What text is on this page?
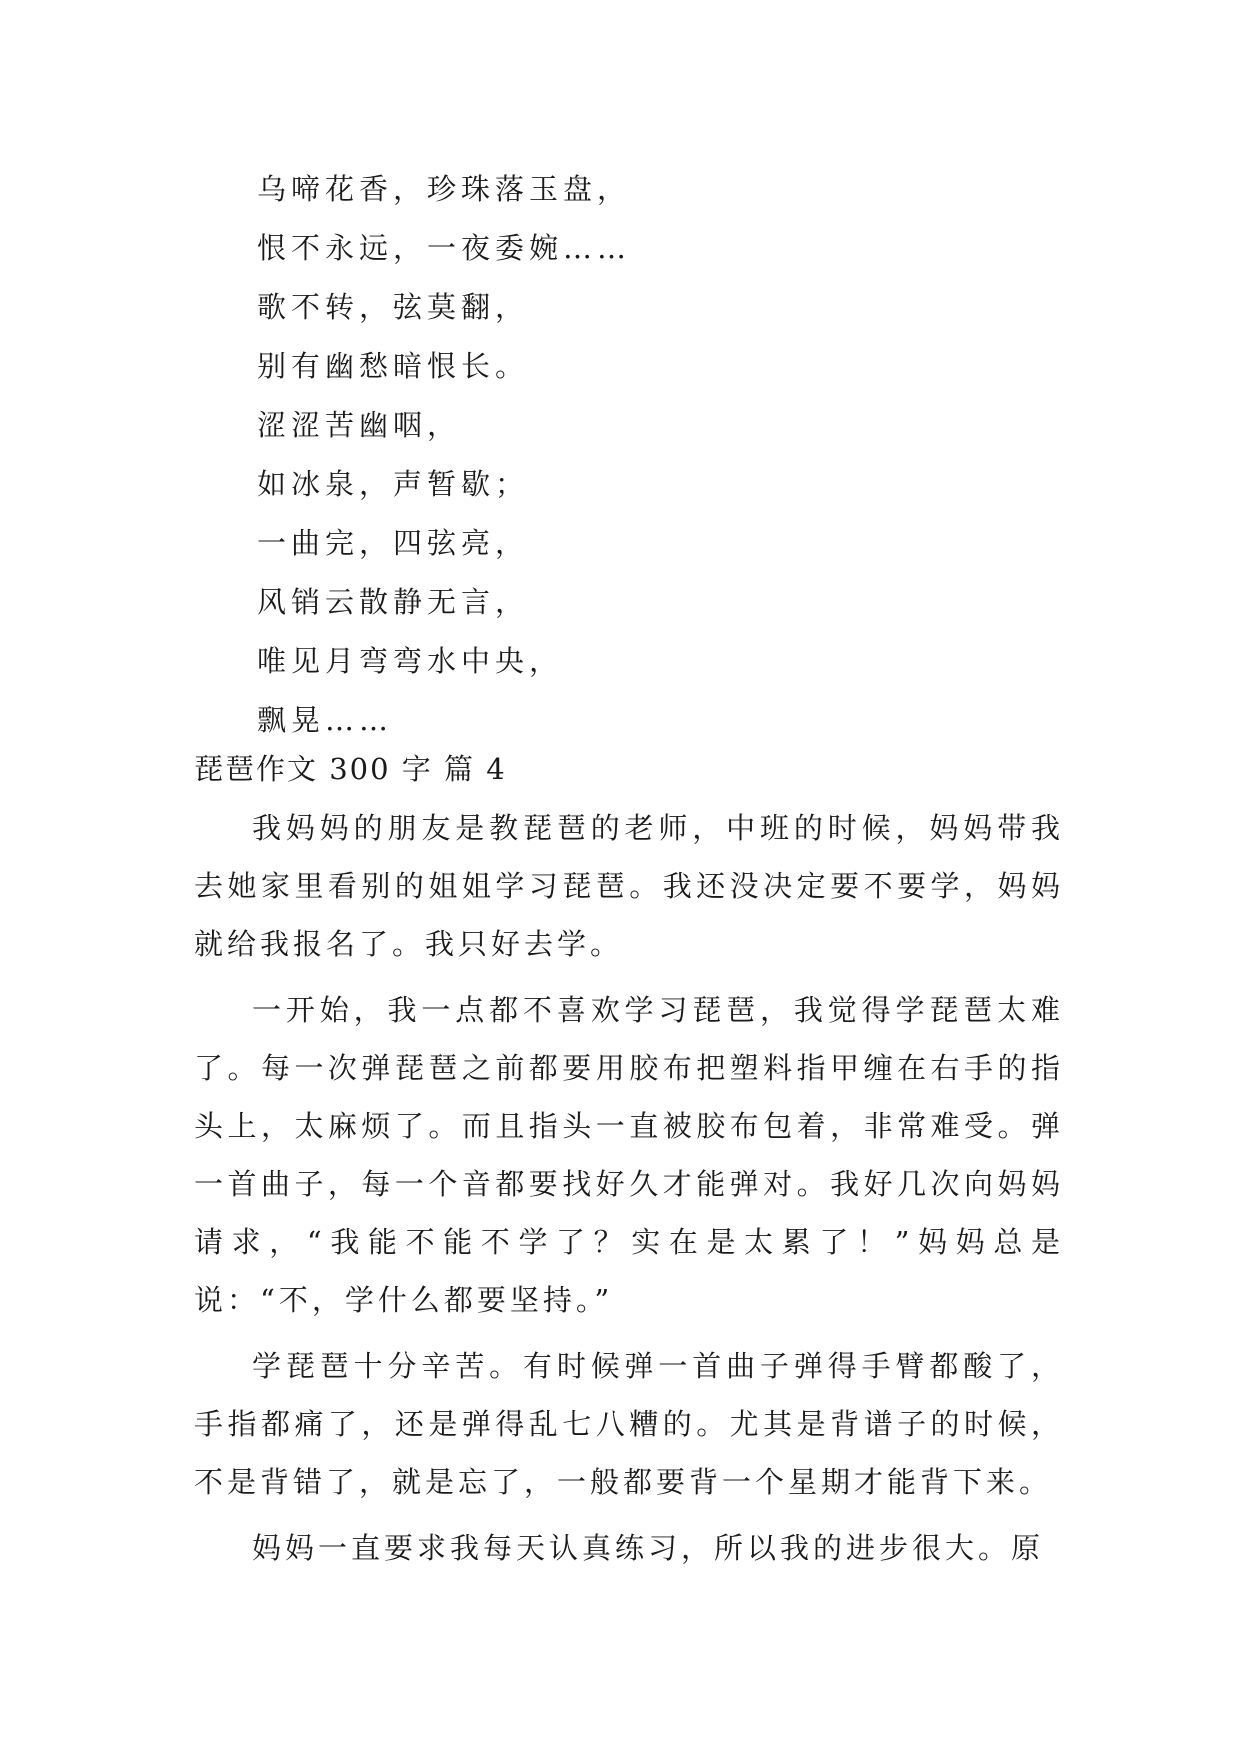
乌啼花香，珍珠落玉盘，
恨不永远，一夜委婉……
歌不转，弦莫翻，
别有幽愁暗恨长。
涩涩苦幽咽，
如冰泉，声暂歇；
一曲完，四弦亮，
风销云散静无言，
唯见月弯弯水中央，
飘晃……
琵琶作文 300 字 篇 4

我妈妈的朋友是教琵琶的老师，中班的时候，妈妈带我去她家里看别的姐姐学习琵琶。我还没决定要不要学，妈妈就给我报名了。我只好去学。

一开始，我一点都不喜欢学习琵琶，我觉得学琵琶太难了。每一次弹琵琶之前都要用胶布把塑料指甲缠在右手的指头上，太麻烦了。而且指头一直被胶布包着，非常难受。弹一首曲子，每一个音都要找好久才能弹对。我好几次向妈妈请求，“我能不能不学了？实在是太累了！”妈妈总是说：“不，学什么都要坚持。”

学琵琶十分辛苦。有时候弹一首曲子弹得手臂都酸了，手指都痛了，还是弹得乱七八糟的。尤其是背谱子的时候，不是背错了，就是忘了，一般都要背一个星期才能背下来。

妈妈一直要求我每天认真练习，所以我的进步很大。原
